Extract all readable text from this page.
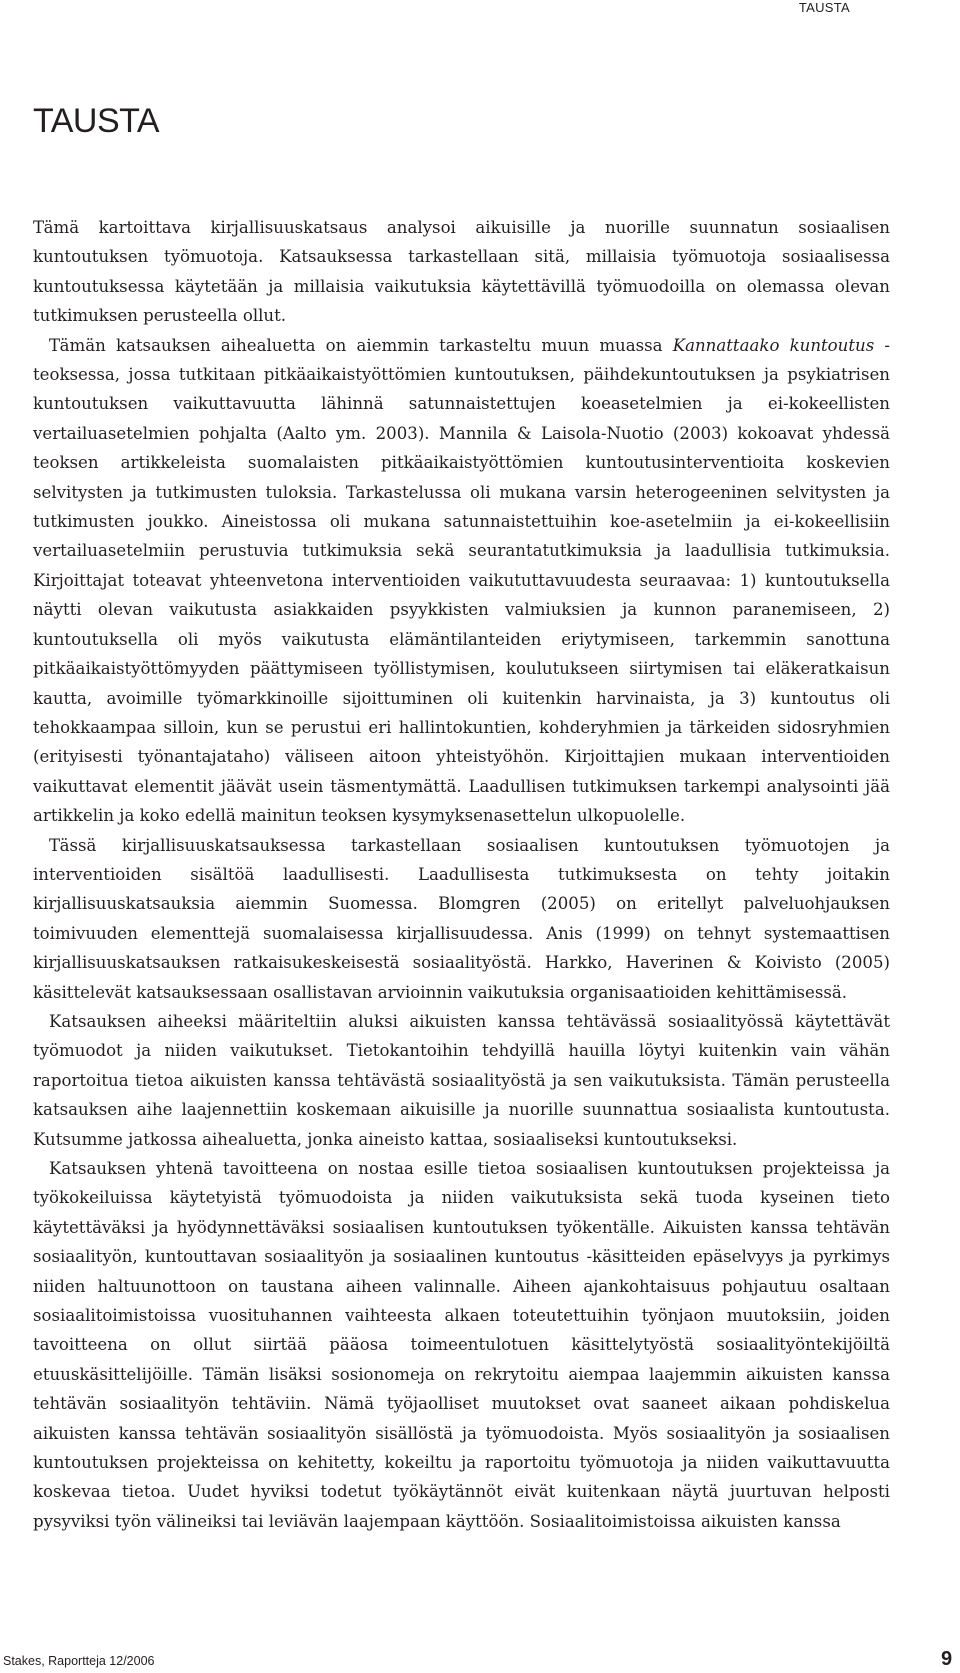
TAUSTA
TAUSTA

Tämä kartoittava kirjallisuuskatsaus analysoi aikuisille ja nuorille suunnatun sosiaalisen kuntoutuksen työmuotoja. Katsauksessa tarkastellaan sitä, millaisia työmuotoja sosiaalisessa kuntoutuksessa käytetään ja millaisia vaikutuksia käytettävillä työmuodoilla on olemassa olevan tutkimuksen perusteella ollut.

Tämän katsauksen aihealuetta on aiemmin tarkasteltu muun muassa Kannattaako kuntoutus -teoksessa, jossa tutkitaan pitkäaikaistyöttömien kuntoutuksen, päihdekuntoutuksen ja psykiatrisen kuntoutuksen vaikuttavuutta lähinnä satunnaistettujen koeasetelmien ja ei-kokeellisten vertailuasetelmien pohjalta (Aalto ym. 2003). Mannila & Laisola-Nuotio (2003) kokoavat yhdessä teoksen artikkeleista suomalaisten pitkäaikaistyöttömien kuntoutusinterventioita koskevien selvitysten ja tutkimusten tuloksia. Tarkastelussa oli mukana varsin heterogeeninen selvitysten ja tutkimusten joukko. Aineistossa oli mukana satunnaistettuihin koe-asetelmiin ja ei-kokeellisiin vertailuasetelmiin perustuvia tutkimuksia sekä seurantatutkimuksia ja laadullisia tutkimuksia. Kirjoittajat toteavat yhteenvetona interventioiden vaikututtavuudesta seuraavaa: 1) kuntoutuksella näytti olevan vaikutusta asiakkaiden psyykkisten valmiuksien ja kunnon paranemiseen, 2) kuntoutuksella oli myös vaikutusta elämäntilanteiden eriytymiseen, tarkemmin sanottuna pitkäaikaistyöttömyyden päättymiseen työllistymisen, koulutukseen siirtymisen tai eläkeratkaisun kautta, avoimille työmarkkinoille sijoittuminen oli kuitenkin harvinaista, ja 3) kuntoutus oli tehokkaampaa silloin, kun se perustui eri hallintokuntien, kohderyhmien ja tärkeiden sidosryhmien (erityisesti työnantajataho) väliseen aitoon yhteistyöhön. Kirjoittajien mukaan interventioiden vaikuttavat elementit jäävät usein täsmentymättä. Laadullisen tutkimuksen tarkempi analysointi jää artikkelin ja koko edellä mainitun teoksen kysymyksenasettelun ulkopuolelle.

Tässä kirjallisuuskatsauksessa tarkastellaan sosiaalisen kuntoutuksen työmuotojen ja interventioiden sisältöä laadullisesti. Laadullisesta tutkimuksesta on tehty joitakin kirjallisuuskatsauksia aiemmin Suomessa. Blomgren (2005) on eritellyt palveluohjauksen toimivuuden elementtejä suomalaisessa kirjallisuudessa. Anis (1999) on tehnyt systemaattisen kirjallisuuskatsauksen ratkaisukeskeisestä sosiaalityöstä. Harkko, Haverinen & Koivisto (2005) käsittelevät katsauksessaan osallistavan arvioinnin vaikutuksia organisaatioiden kehittämisessä.

Katsauksen aiheeksi määriteltiin aluksi aikuisten kanssa tehtävässä sosiaalityössä käytettävät työmuodot ja niiden vaikutukset. Tietokantoihin tehdyillä hauilla löytyi kuitenkin vain vähän raportoitua tietoa aikuisten kanssa tehtävästä sosiaalityöstä ja sen vaikutuksista. Tämän perusteella katsauksen aihe laajennettiin koskemaan aikuisille ja nuorille suunnattua sosiaalista kuntoutusta. Kutsumme jatkossa aihealuetta, jonka aineisto kattaa, sosiaaliseksi kuntoutukseksi.

Katsauksen yhtenä tavoitteena on nostaa esille tietoa sosiaalisen kuntoutuksen projekteissa ja työkokeiluissa käytetyistä työmuodoista ja niiden vaikutuksista sekä tuoda kyseinen tieto käytettäväksi ja hyödynnettäväksi sosiaalisen kuntoutuksen työkentälle. Aikuisten kanssa tehtävän sosiaalityön, kuntouttavan sosiaalityön ja sosiaalinen kuntoutus -käsitteiden epäselvyys ja pyrkimys niiden haltuunottoon on taustana aiheen valinnalle. Aiheen ajankohtaisuus pohjautuu osaltaan sosiaalitoimistoissa vuosituhannen vaihteesta alkaen toteutettuihin työnjaon muutoksiin, joiden tavoitteena on ollut siirtää pääosa toimeentulotuen käsittelytyöstä sosiaalityöntekijöiltä etuuskäsittelijöille. Tämän lisäksi sosionomeja on rekrytoitu aiempaa laajemmin aikuisten kanssa tehtävän sosiaalityön tehtäviin. Nämä työjaolliset muutokset ovat saaneet aikaan pohdiskelua aikuisten kanssa tehtävän sosiaalityön sisällöstä ja työmuodoista. Myös sosiaalityön ja sosiaalisen kuntoutuksen projekteissa on kehitetty, kokeiltu ja raportoitu työmuotoja ja niiden vaikuttavuutta koskevaa tietoa. Uudet hyviksi todetut työkäytännöt eivät kuitenkaan näytä juurtuvan helposti pysyviksi työn välineiksi tai leviävän laajempaan käyttöön. Sosiaalitoimistoissa aikuisten kanssa

Stakes, Raportteja 12/2006	9
